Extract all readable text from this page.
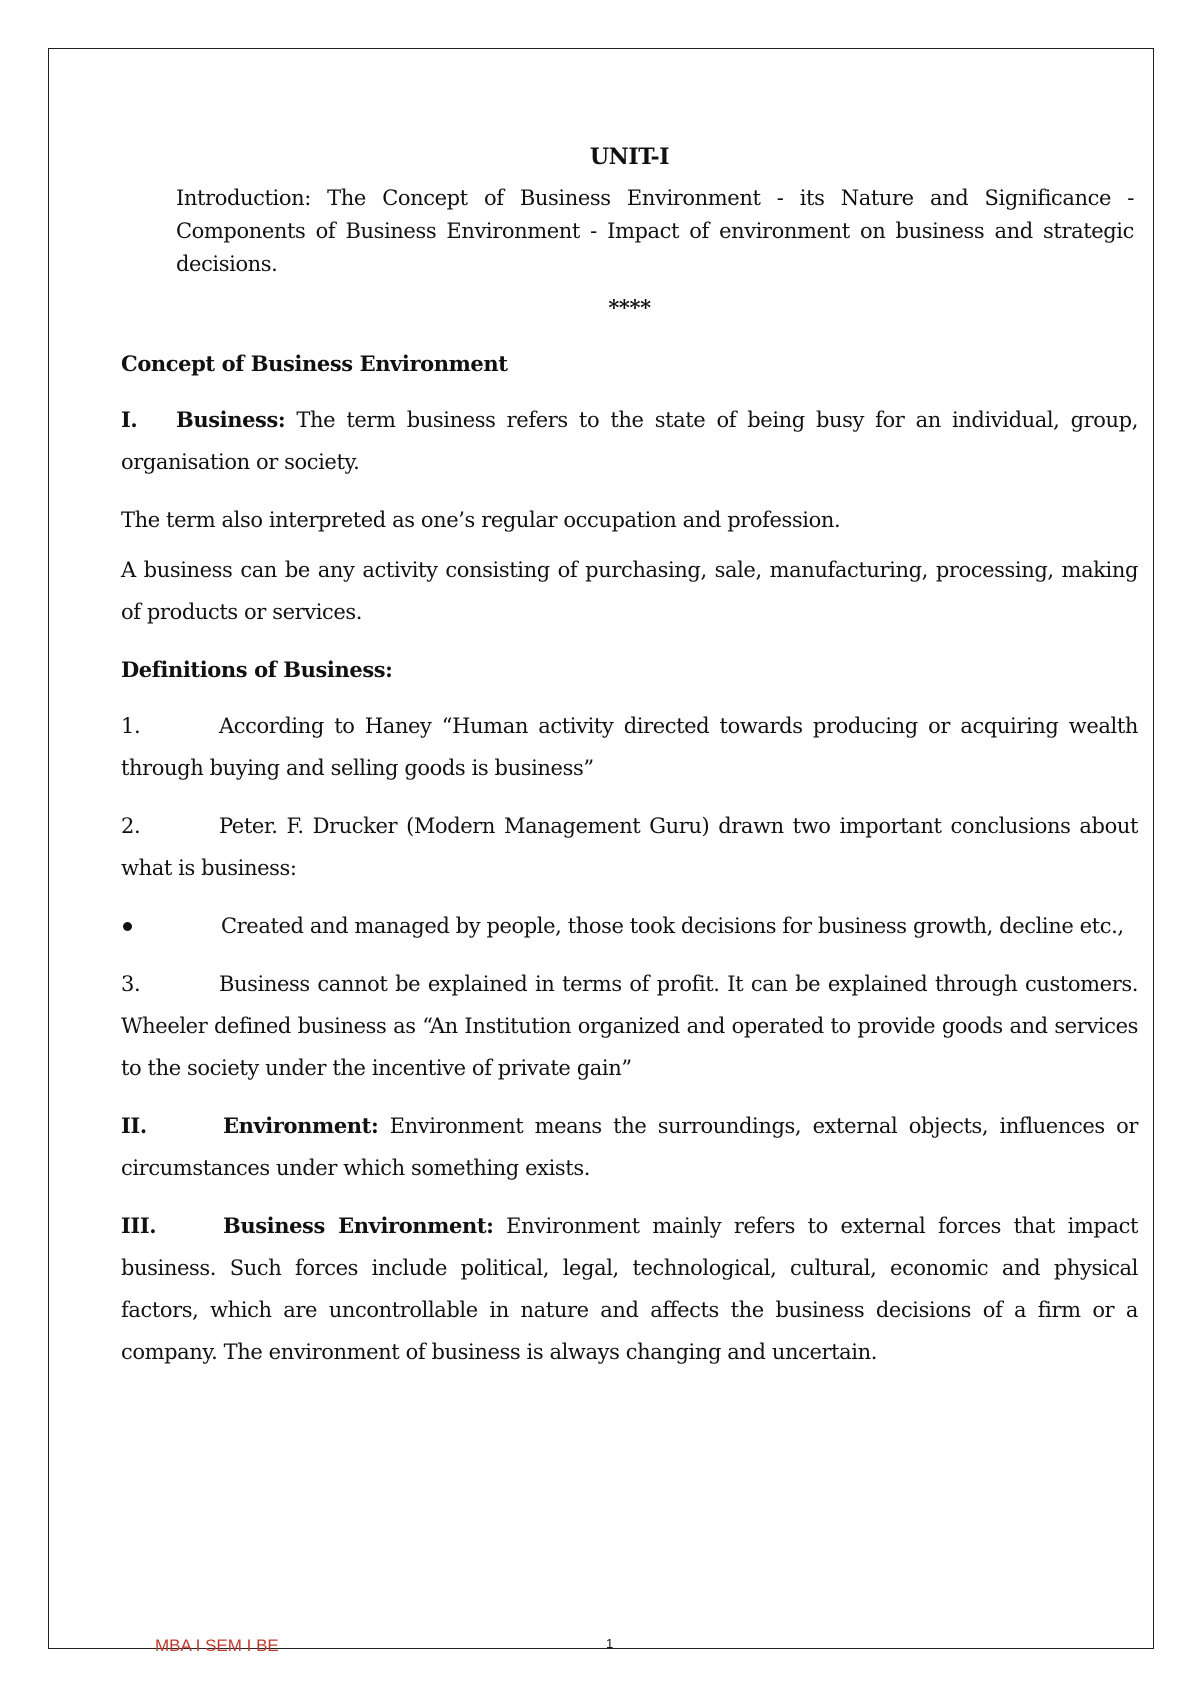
UNIT-I

Introduction: The Concept of Business Environment - its Nature and Significance -Components of Business Environment - Impact of environment on business and strategic decisions.

****

Concept of Business Environment

I. Business: The term business refers to the state of being busy for an individual, group, organisation or society.

The term also interpreted as one’s regular occupation and profession.

A business can be any activity consisting of purchasing, sale, manufacturing, processing, making of products or services.

Definitions of Business:

1.	According to Haney “Human activity directed towards producing or acquiring wealth through buying and selling goods is business”

2.	Peter. F. Drucker (Modern Management Guru) drawn two important conclusions about what is business:

Created and managed by people, those took decisions for business growth, decline etc.,

3.	Business cannot be explained in terms of profit. It can be explained through customers. Wheeler defined business as “An Institution organized and operated to provide goods and services to the society under the incentive of private gain”

II.	Environment: Environment means the surroundings, external objects, influences or circumstances under which something exists.

III.	Business Environment: Environment mainly refers to external forces that impact business. Such forces include political, legal, technological, cultural, economic and physical factors, which are uncontrollable in nature and affects the business decisions of a firm or a company. The environment of business is always changing and uncertain.

MBA I SEM I BE	1
